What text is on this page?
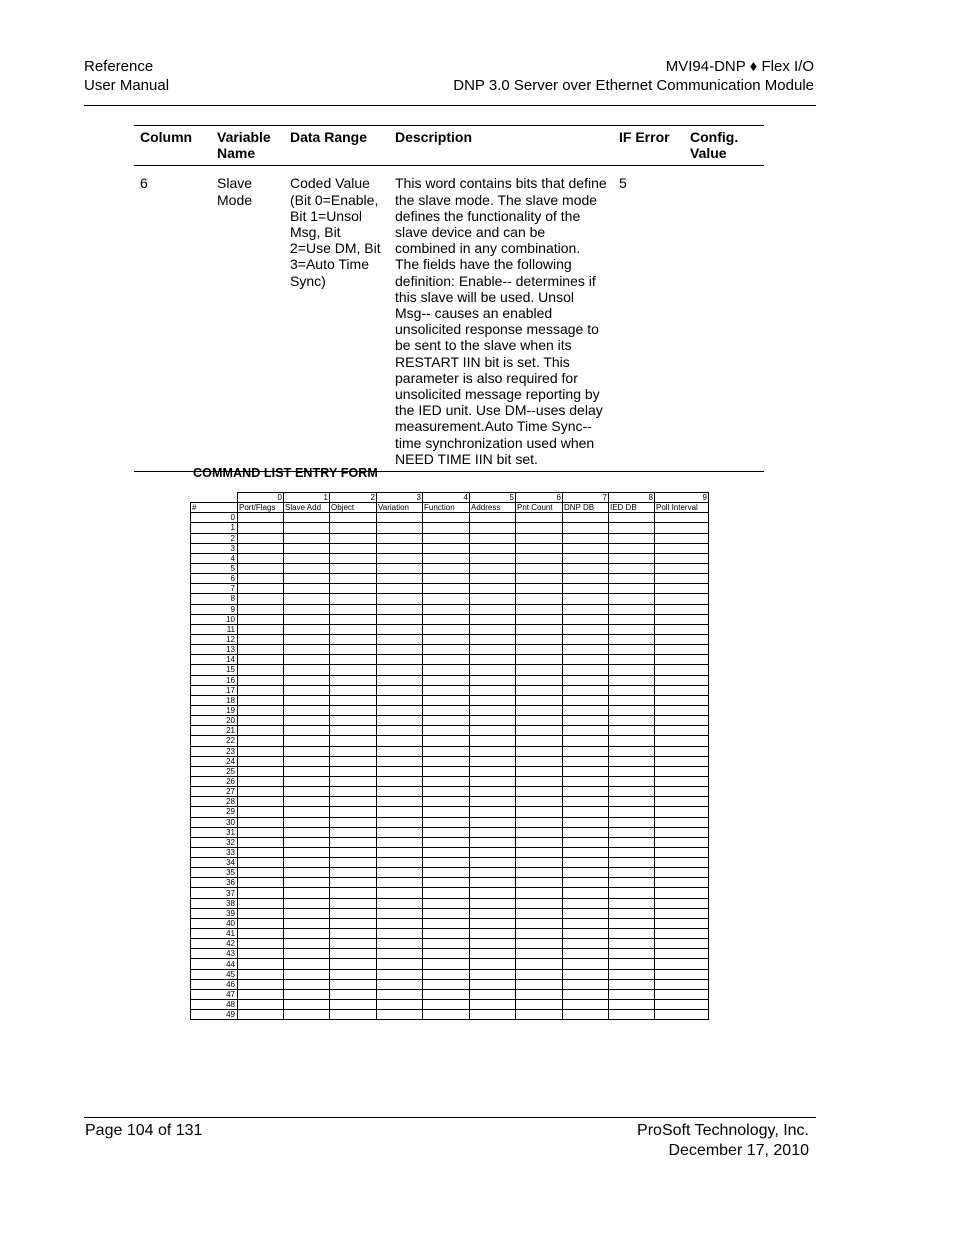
Reference
User Manual
MVI94-DNP ♦ Flex I/O
DNP 3.0 Server over Ethernet Communication Module
Column	Variable Name	Data Range	Description	IF Error	Config. Value
6	Slave Mode	Coded Value (Bit 0=Enable, Bit 1=Unsol Msg, Bit 2=Use DM, Bit 3=Auto Time Sync)	This word contains bits that define the slave mode. The slave mode defines the functionality of the slave device and can be combined in any combination. The fields have the following definition: Enable-- determines if this slave will be used. Unsol Msg-- causes an enabled unsolicited response message to be sent to the slave when its RESTART IIN bit is set. This parameter is also required for unsolicited message reporting by the IED unit. Use DM--uses delay measurement.Auto Time Sync-- time synchronization used when NEED TIME IIN bit set.	5	
COMMAND LIST ENTRY FORM
	0	1	2	3	4	5	6	7	8	9
#	Port/Flags	Slave Add	Object	Variation	Function	Address	Pnt Count	DNP DB	IED DB	Poll Interval
0										
1										
2										
3										
4										
5										
6										
7										
8										
9										
10										
11										
12										
13										
14										
15										
16										
17										
18										
19										
20										
21										
22										
23										
24										
25										
26										
27										
28										
29										
30										
31										
32										
33										
34										
35										
36										
37										
38										
39										
40										
41										
42										
43										
44										
45										
46										
47										
48										
49										
Page 104 of 131	ProSoft Technology, Inc.
December 17, 2010
